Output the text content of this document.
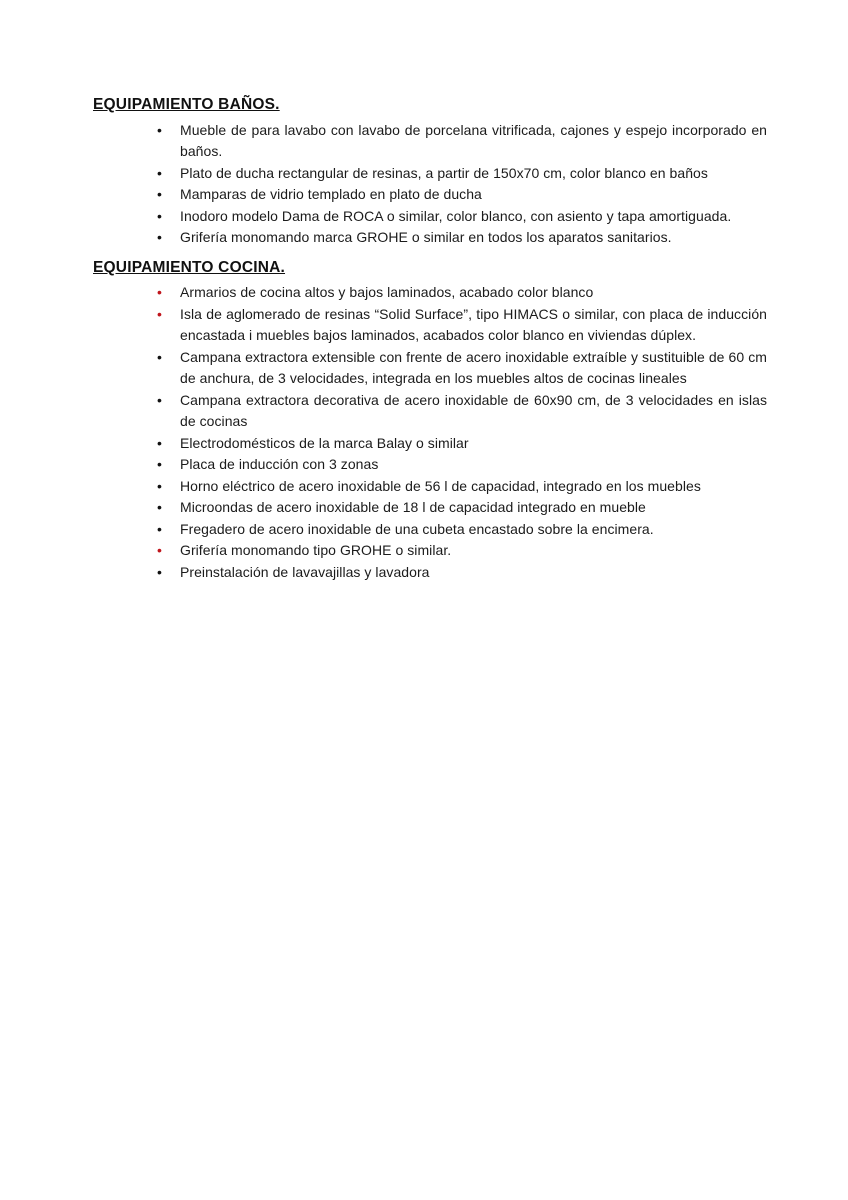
EQUIPAMIENTO BAÑOS.
•	Mueble de para lavabo con lavabo de porcelana vitrificada, cajones y espejo incorporado en baños.
•	Plato de ducha rectangular de resinas, a partir de 150x70 cm, color blanco en baños
•	Mamparas de vidrio templado en plato de ducha
•	Inodoro modelo Dama de ROCA o similar, color blanco, con asiento y tapa amortiguada.
•	Grifería monomando marca GROHE o similar en todos los aparatos sanitarios.
EQUIPAMIENTO COCINA.
•	Armarios de cocina altos y bajos laminados, acabado color blanco
•	Isla de aglomerado de resinas “Solid Surface”, tipo HIMACS o similar, con placa de inducción encastada i muebles bajos laminados, acabados color blanco en viviendas dúplex.
•	Campana extractora extensible con frente de acero inoxidable extraíble y sustituible de 60 cm de anchura, de 3 velocidades, integrada en los muebles altos de cocinas lineales
•	Campana extractora decorativa de acero inoxidable de 60x90 cm, de 3 velocidades en islas de cocinas
•	Electrodomésticos de la marca Balay o similar
•	Placa de inducción con 3 zonas
•	Horno eléctrico de acero inoxidable de 56 l de capacidad, integrado en los muebles
•	Microondas de acero inoxidable de 18 l de capacidad integrado en mueble
•	Fregadero de acero inoxidable de una cubeta encastado sobre la encimera.
•	Grifería monomando tipo GROHE o similar.
•	Preinstalación de lavavajillas y lavadora
